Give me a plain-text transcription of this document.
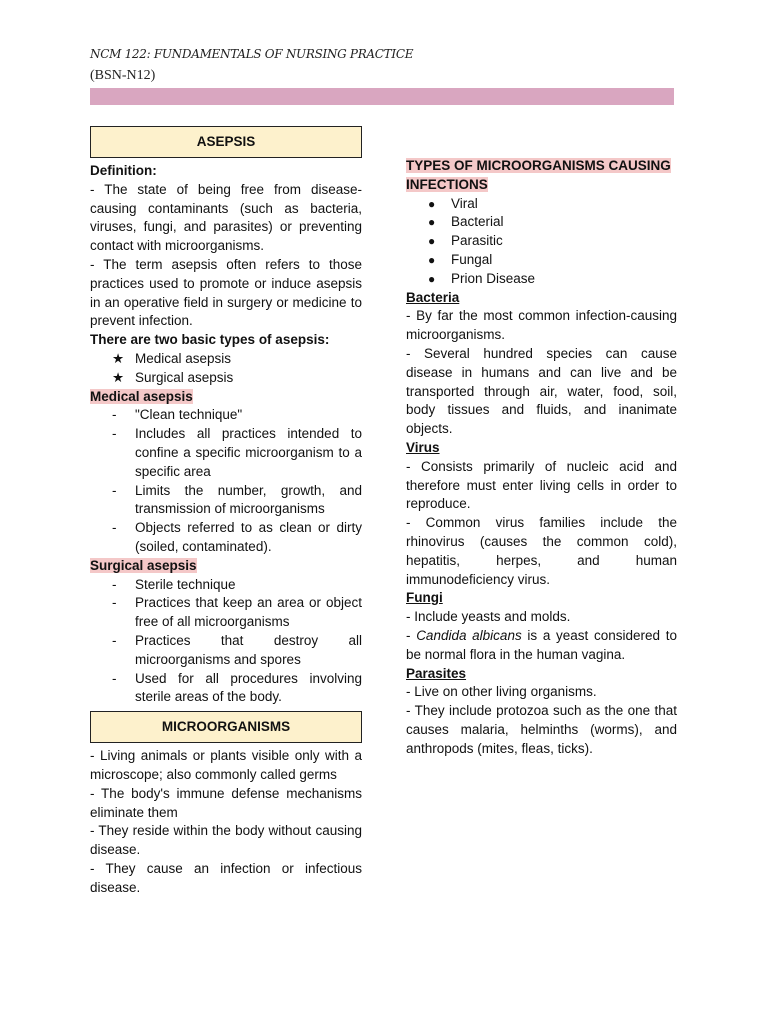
NCM 122: FUNDAMENTALS OF NURSING PRACTICE
(BSN-N12)
ASEPSIS

Definition:

- The state of being free from disease-causing contaminants (such as bacteria, viruses, fungi, and parasites) or preventing contact with microorganisms.

- The term asepsis often refers to those practices used to promote or induce asepsis in an operative field in surgery or medicine to prevent infection.

There are two basic types of asepsis:

★ Medical asepsis
★ Surgical asepsis

Medical asepsis

-	"Clean technique"
-	Includes all practices intended to confine a specific microorganism to a specific area
-	Limits the number, growth, and transmission of microorganisms
-	Objects referred to as clean or dirty (soiled, contaminated).

Surgical asepsis

-	Sterile technique
-	Practices that keep an area or object free of all microorganisms
-	Practices that destroy all microorganisms and spores
-	Used for all procedures involving sterile areas of the body.
MICROORGANISMS

- Living animals or plants visible only with a microscope; also commonly called germs

- The body's immune defense mechanisms eliminate them

- They reside within the body without causing disease.

- They cause an infection or infectious disease.

TYPES OF MICROORGANISMS CAUSING INFECTIONS

●	Viral
●	Bacterial
●	Parasitic
●	Fungal
●	Prion Disease

Bacteria

- By far the most common infection-causing microorganisms.

- Several hundred species can cause disease in humans and can live and be transported through air, water, food, soil, body tissues and fluids, and inanimate objects.

Virus

- Consists primarily of nucleic acid and therefore must enter living cells in order to reproduce.

- Common virus families include the rhinovirus (causes the common cold), hepatitis, herpes, and human immunodeficiency virus.

Fungi

- Include yeasts and molds.

- Candida albicans is a yeast considered to be normal flora in the human vagina.

Parasites

- Live on other living organisms.

- They include protozoa such as the one that causes malaria, helminths (worms), and anthropods (mites, fleas, ticks).
